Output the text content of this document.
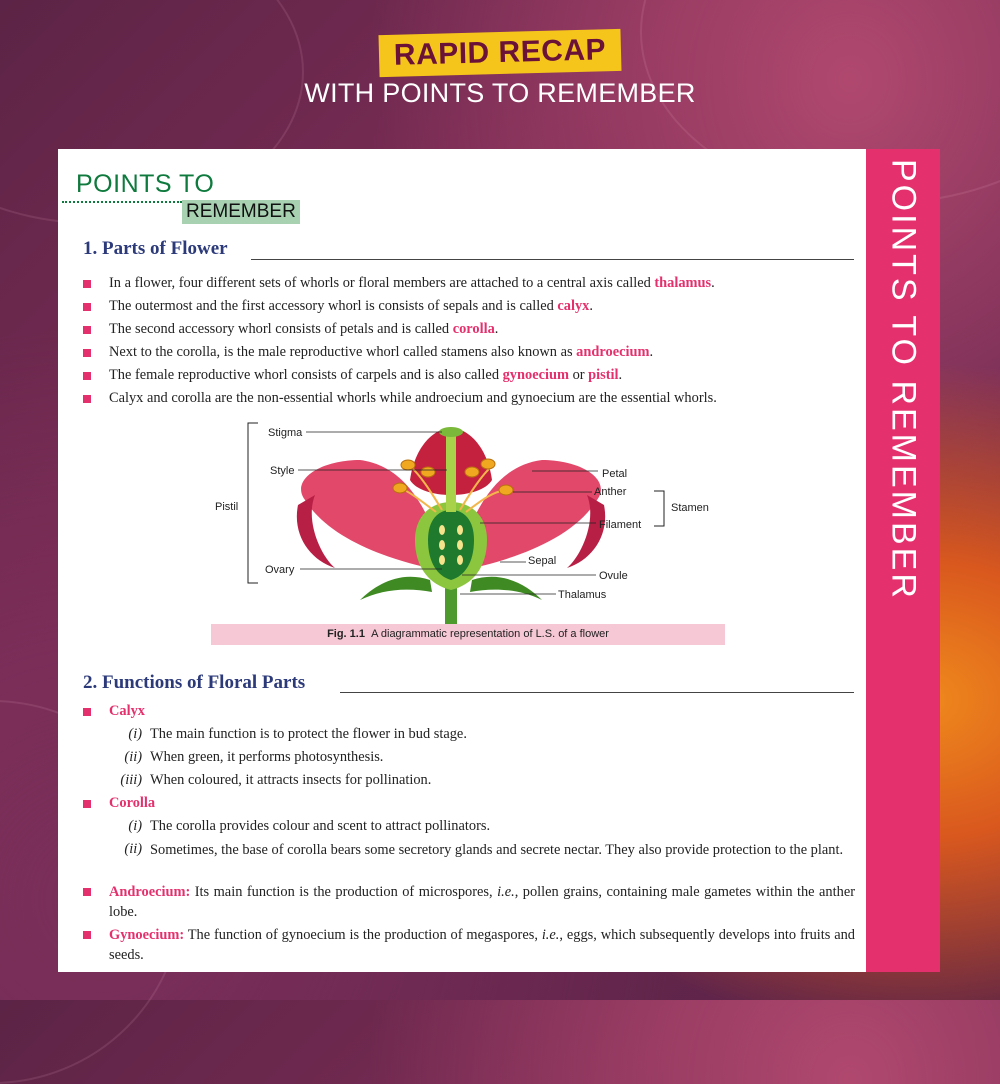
RAPID RECAP
WITH POINTS TO REMEMBER
POINTS TO REMEMBER
POINTS TO
REMEMBER
1. Parts of Flower
In a flower, four different sets of whorls or floral members are attached to a central axis called thalamus.
The outermost and the first accessory whorl is consists of sepals and is called calyx.
The second accessory whorl consists of petals and is called corolla.
Next to the corolla, is the male reproductive whorl called stamens also known as androecium.
The female reproductive whorl consists of carpels and is also called gynoecium or pistil.
Calyx and corolla are the non-essential whorls while androecium and gynoecium are the essential whorls.
Pistil
Stigma
Style
Ovary
Petal
Anther
Filament
Stamen
Sepal
Ovule
Thalamus
Fig. 1.1 A diagrammatic representation of L.S. of a flower
2. Functions of Floral Parts
Calyx
(i) The main function is to protect the flower in bud stage.
(ii) When green, it performs photosynthesis.
(iii) When coloured, it attracts insects for pollination.
Corolla
(i) The corolla provides colour and scent to attract pollinators.
(ii) Sometimes, the base of corolla bears some secretory glands and secrete nectar. They also provide protection to the plant.
Androecium: Its main function is the production of microspores, i.e., pollen grains, containing male gametes within the anther lobe.
Gynoecium: The function of gynoecium is the production of megaspores, i.e., eggs, which subsequently develops into fruits and seeds.
